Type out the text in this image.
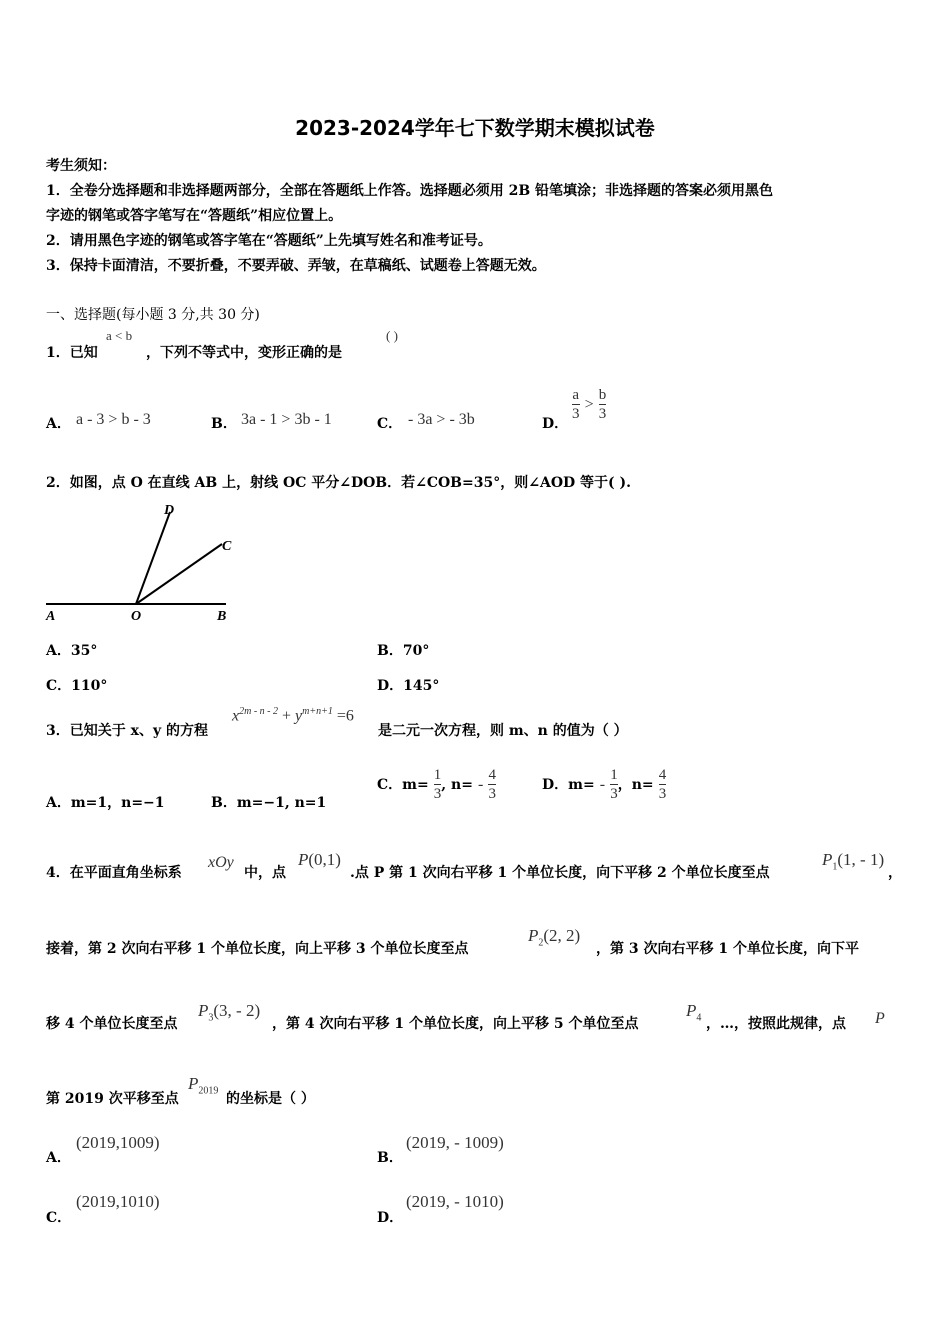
2023-2024学年七下数学期末模拟试卷
考生须知：
1．全卷分选择题和非选择题两部分，全部在答题纸上作答。选择题必须用 2B 铅笔填涂；非选择题的答案必须用黑色
字迹的钢笔或答字笔写在“答题纸”相应位置上。
2．请用黑色字迹的钢笔或答字笔在“答题纸”上先填写姓名和准考证号。
3．保持卡面清洁，不要折叠，不要弄破、弄皱，在草稿纸、试题卷上答题无效。
一、选择题(每小题 3 分,共 30 分)
1．已知
a < b
，下列不等式中，变形正确的是
( )
A． a - 3 > b - 3	B． 3a - 1 > 3b - 1	C． - 3a > - 3b	D．
$\frac{a}{3} > \frac{b}{3}$
2．如图，点 O 在直线 AB 上，射线 OC 平分∠DOB．若∠COB=35°，则∠AOD 等于( ).
A	O	B
C
D
A．35°	B．70°
C．110°	D．145°
3．已知关于 x、y 的方程
$x^{2m - n - 2} + y^{m+n+1} =6$
是二元一次方程，则 m、n 的值为（ ）
A．m=1，n=−1	B．m=−1, n=1
C．$m= \frac{1}{3}$ , $n= - \frac{4}{3}$	D．$m= - \frac{1}{3}$ ，$n= \frac{4}{3}$
4．在平面直角坐标系
xOy
中，点
P(0,1)
.点 P 第 1 次向右平移 1 个单位长度，向下平移 2 个单位长度至点
$P_1(1$, - 1)
，
接着，第 2 次向右平移 1 个单位长度，向上平移 3 个单位长度至点
$P_2(2$, 2)
，第 3 次向右平移 1 个单位长度，向下平
移 4 个单位长度至点
$P_3(3$, - 2)
，第 4 次向右平移 1 个单位长度，向上平移 5 个单位至点
$P_4$ ，…，按照此规律，点 P
第 2019 次平移至点
$P_{2019}$
的坐标是（ ）
A．
(2019,1009)
B．
(2019, - 1009)
C．
(2019,1010)
D．
(2019, - 1010)
